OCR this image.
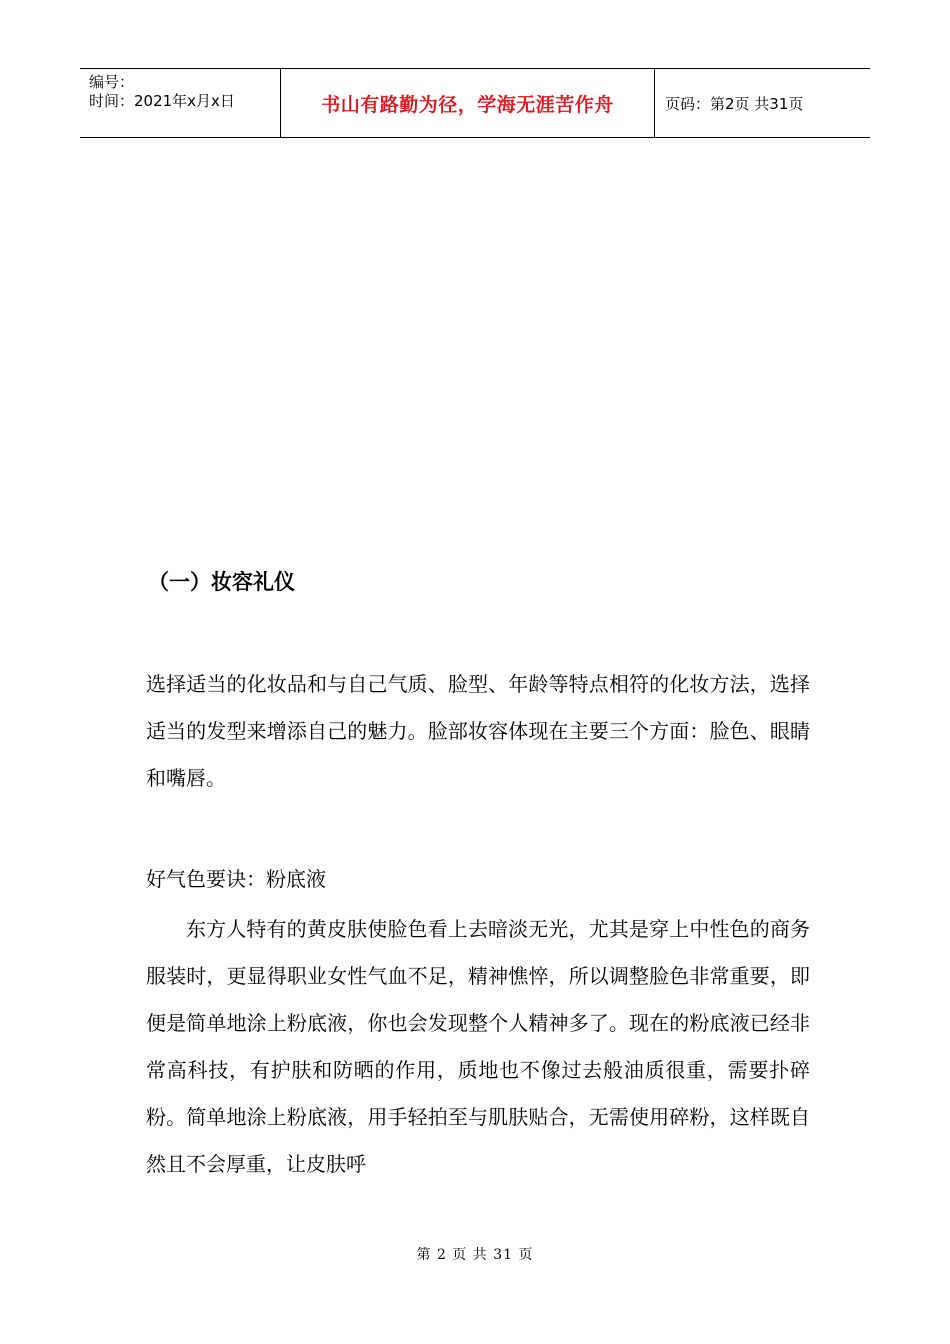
编号：
时间：2021年x月x日	书山有路勤为径，学海无涯苦作舟	页码：第2页 共31页
（一）妆容礼仪
选择适当的化妆品和与自己气质、脸型、年龄等特点相符的化妆方法，选择适当的发型来增添自己的魅力。脸部妆容体现在主要三个方面：脸色、眼睛和嘴唇。
好气色要诀：粉底液
东方人特有的黄皮肤使脸色看上去暗淡无光，尤其是穿上中性色的商务服装时，更显得职业女性气血不足，精神憔悴，所以调整脸色非常重要，即便是简单地涂上粉底液，你也会发现整个人精神多了。现在的粉底液已经非常高科技，有护肤和防晒的作用，质地也不像过去般油质很重，需要扑碎粉。简单地涂上粉底液，用手轻拍至与肌肤贴合，无需使用碎粉，这样既自然且不会厚重，让皮肤呼
第 2 页 共 31 页
